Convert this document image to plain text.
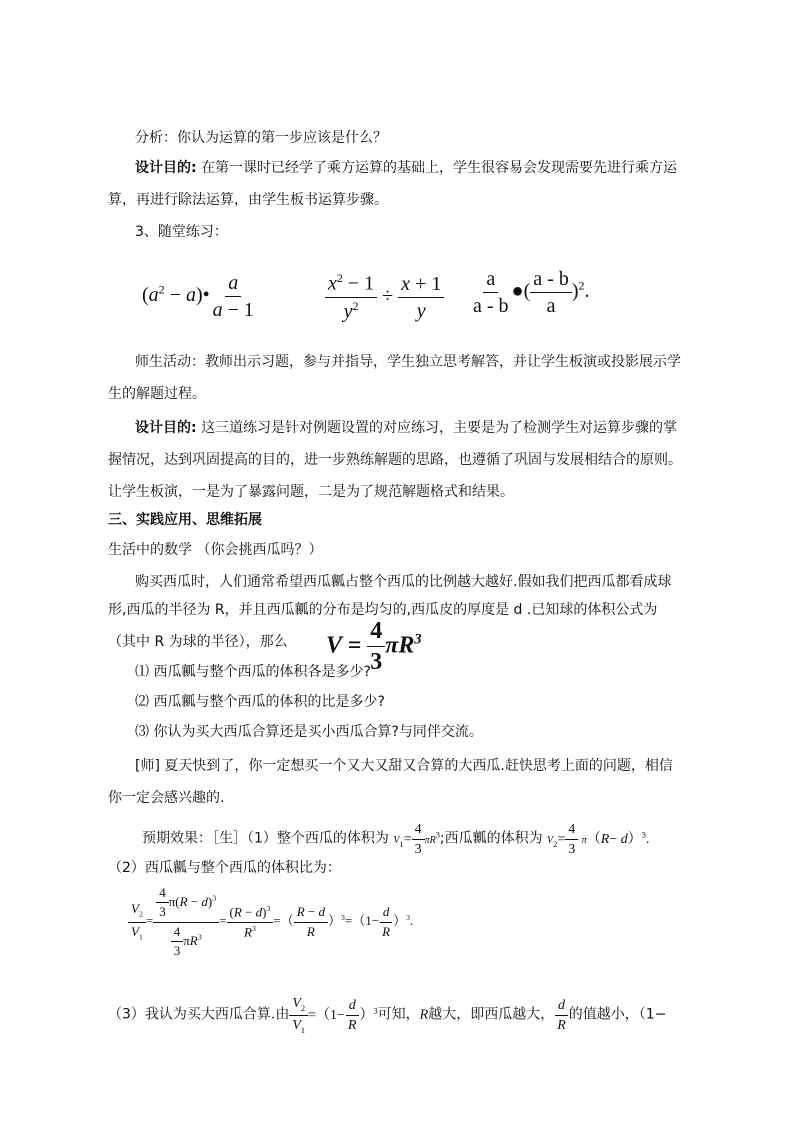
分析：你认为运算的第一步应该是什么？
设计目的: 在第一课时已经学了乘方运算的基础上，学生很容易会发现需要先进行乘方运
算，再进行除法运算，由学生板书运算步骤。
3、随堂练习：
($a^2$ − a)• $\frac{a}{a - 1}$	$\frac{x^2 - 1}{y^2} \div \frac{x + 1}{y} \frac{a}{a - b}$ ●( $\frac{a - b}{a} )^2$.
师生活动：教师出示习题，参与并指导，学生独立思考解答，并让学生板演或投影展示学
生的解题过程。
设计目的: 这三道练习是针对例题设置的对应练习，主要是为了检测学生对运算步骤的掌
握情况，达到巩固提高的目的，进一步熟练解题的思路，也遵循了巩固与发展相结合的原则。
让学生板演，一是为了暴露问题，二是为了规范解题格式和结果。
三、实践应用、思维拓展
生活中的数学 （你会挑西瓜吗？）
购买西瓜时，人们通常希望西瓜瓤占整个西瓜的比例越大越好.假如我们把西瓜都看成球
形,西瓜的半径为 R，并且西瓜瓤的分布是均匀的,西瓜皮的厚度是 d .已知球的体积公式为
（其中 R 为球的半径），那么 $V = \frac{4}{3} \pi R^3$
⑴ 西瓜瓤与整个西瓜的体积各是多少?
⑵ 西瓜瓤与整个西瓜的体积的比是多少?
⑶ 你认为买大西瓜合算还是买小西瓜合算?与同伴交流。
[师] 夏天快到了，你一定想买一个又大又甜又合算的大西瓜.赶快思考上面的问题，相信
你一定会感兴趣的.
预期效果：［生］（1）整个西瓜的体积为 $V_1= \frac{4}{3} \pi R^3$;西瓜瓤的体积为 $V_2= \frac{4}{3} \pi(R- d)^3$.
（2）西瓜瓤与整个西瓜的体积比为：
$\frac{V_2}{V_1} = \frac{\frac{4}{3} \pi(R - d)^3}{\frac{4}{3} \pi R^3} = \frac{(R - d)^3}{R^3}$ =（ $\frac{R - d}{R} )^3=(1- \frac{d}{R} )^3$.
（3）我认为买大西瓜合算.由 $\frac{V_2}{V_1} =(1- \frac{d}{R} )^3$可知，R越大，即西瓜越大， $\frac{d}{R}$ 的值越小，（1−
